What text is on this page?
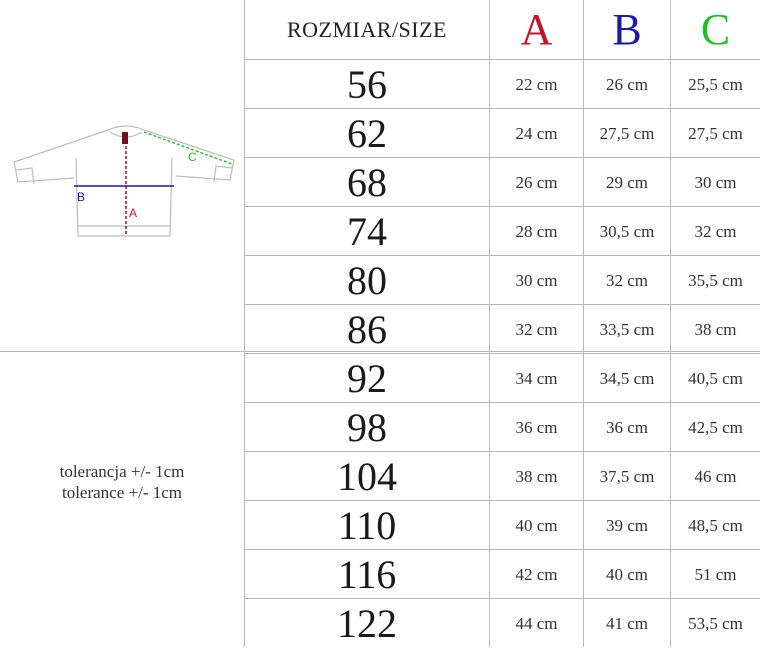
ROZMIAR/SIZE	A	B	C
56	22 cm	26 cm	25,5 cm
62	24 cm	27,5 cm	27,5 cm
68	26 cm	29 cm	30 cm
74	28 cm	30,5 cm	32 cm
80	30 cm	32 cm	35,5 cm
86	32 cm	33,5 cm	38 cm
92	34 cm	34,5 cm	40,5 cm
98	36 cm	36 cm	42,5 cm
104	38 cm	37,5 cm	46 cm
110	40 cm	39 cm	48,5 cm
116	42 cm	40 cm	51 cm
122	44 cm	41 cm	53,5 cm
B
A
C
toleranсja +/- 1cm
tolerance +/- 1cm
